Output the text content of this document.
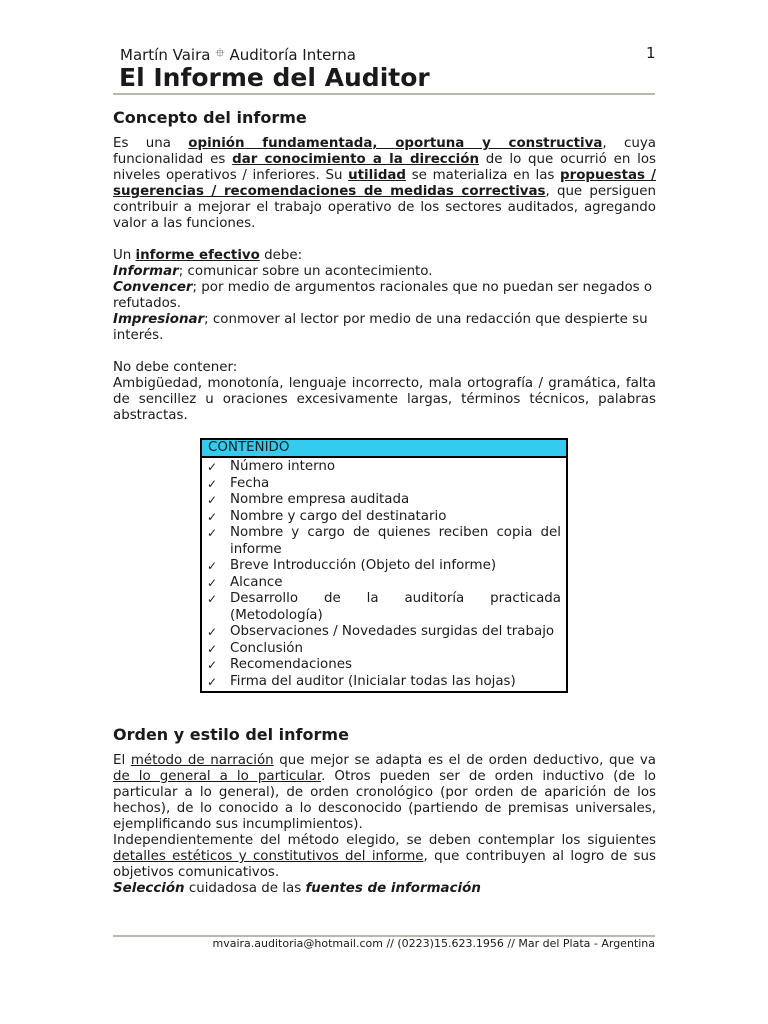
Martín Vaira ⯐ Auditoría Interna	1
El Informe del Auditor
Concepto del informe

Es una opinión fundamentada, oportuna y constructiva, cuya funcionalidad es dar conocimiento a la dirección de lo que ocurrió en los niveles operativos / inferiores. Su utilidad se materializa en las propuestas / sugerencias / recomendaciones de medidas correctivas, que persiguen contribuir a mejorar el trabajo operativo de los sectores auditados, agregando valor a las funciones.

Un informe efectivo debe:

Informar; comunicar sobre un acontecimiento.

Convencer; por medio de argumentos racionales que no puedan ser negados o refutados.

Impresionar; conmover al lector por medio de una redacción que despierte su interés.

No debe contener:

Ambigüedad, monotonía, lenguaje incorrecto, mala ortografía / gramática, falta de sencillez u oraciones excesivamente largas, términos técnicos, palabras abstractas.

CONTENIDO
✓ Número interno
✓ Fecha
✓ Nombre empresa auditada
✓ Nombre y cargo del destinatario
✓ Nombre y cargo de quienes reciben copia del informe
✓ Breve Introducción (Objeto del informe)
✓ Alcance
✓ Desarrollo de la auditoría practicada (Metodología)
✓ Observaciones / Novedades surgidas del trabajo
✓ Conclusión
✓ Recomendaciones
✓ Firma del auditor (Inicialar todas las hojas)
Orden y estilo del informe

El método de narración que mejor se adapta es el de orden deductivo, que va de lo general a lo particular. Otros pueden ser de orden inductivo (de lo particular a lo general), de orden cronológico (por orden de aparición de los hechos), de lo conocido a lo desconocido (partiendo de premisas universales, ejemplificando sus incumplimientos).

Independientemente del método elegido, se deben contemplar los siguientes detalles estéticos y constitutivos del informe, que contribuyen al logro de sus objetivos comunicativos.

Selección cuidadosa de las fuentes de información

mvaira.auditoria@hotmail.com // (0223)15.623.1956 // Mar del Plata - Argentina
